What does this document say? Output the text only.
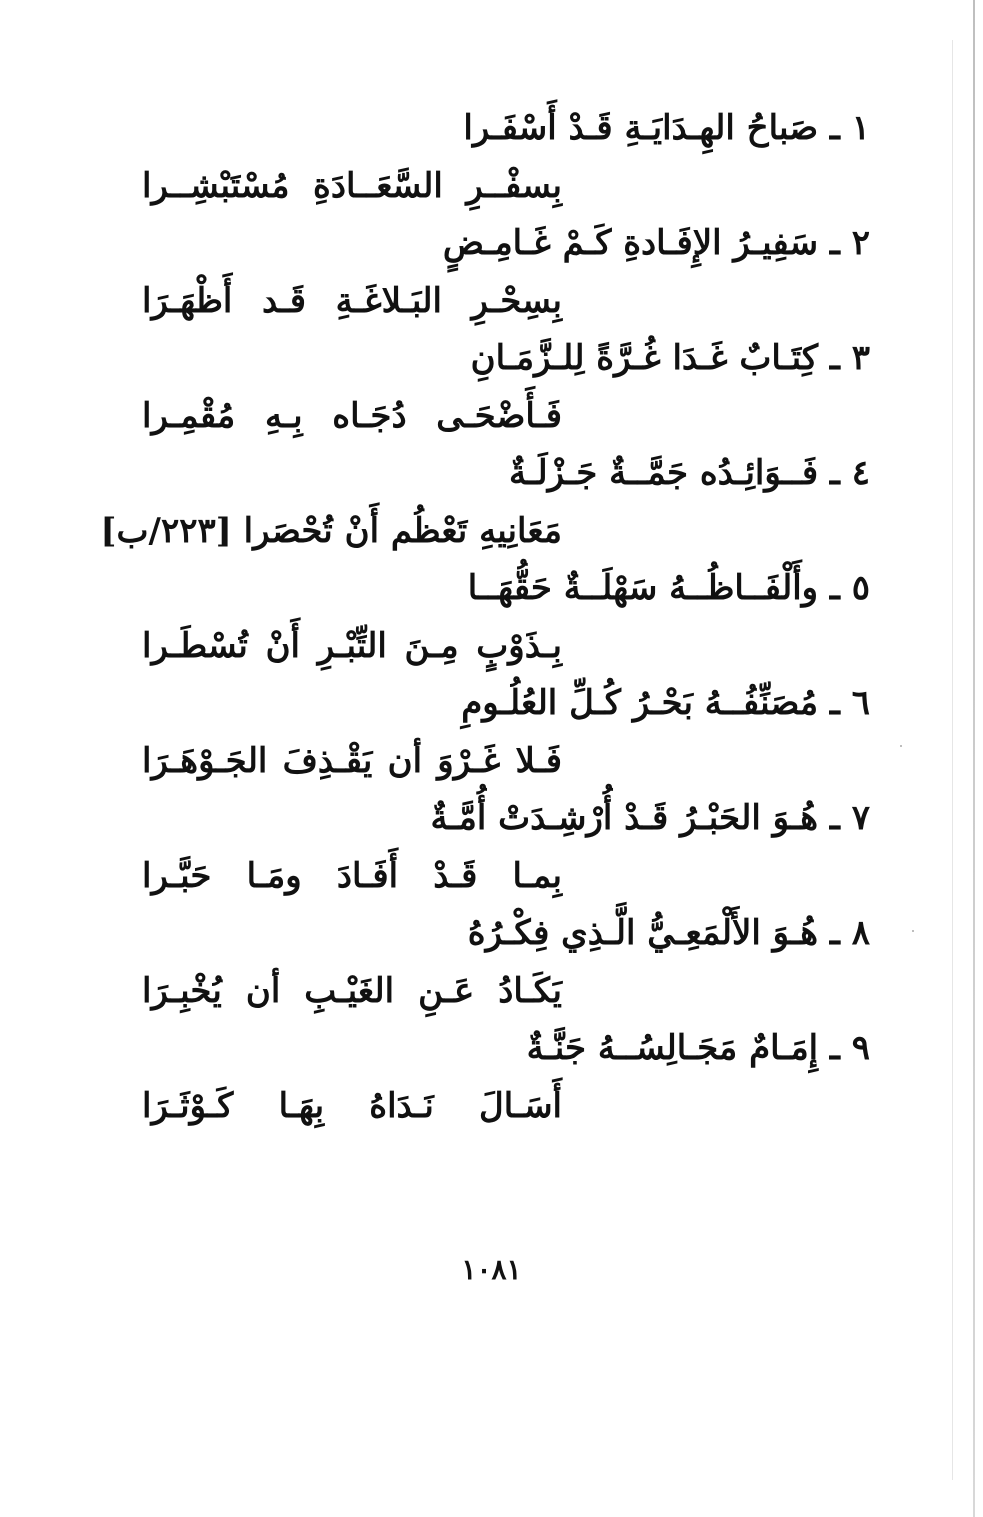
١ ـ صَباحُ الهِـدَايَـةِ قَـدْ أَسْفَـرا
بِسفْــرِ السَّعَــادَةِ مُسْتَبْشِــرا
٢ ـ سَفِيـرُ الإِفَـادةِ كَـمْ غَـامِـضٍ
بِسِحْـرِ البَـلاغَـةِ قَـد أَظْهَـرَا
٣ ـ كِتَـابٌ غَـدَا غُـرَّةً لِلـزَّمَـانِ
فَـأَضْحَـى دُجَـاه بِـهِ مُقْمِـرا
٤ ـ فَــوَائِـدُه جَمَّــةٌ جَـزْلَـةٌ
مَعَانِيهِ تَعْظُم أَنْ تُحْصَرا [٢٢٣/ب]
٥ ـ وأَلْفَــاظُــهُ سَهْلَــةٌ حَقُّهَــا
بِـذَوْبٍ مِـنَ التِّبْـرِ أَنْ تُسْطَـرا
٦ ـ مُصَنِّفُــهُ بَحْـرُ كُـلِّ العُلُـومِ
فَـلا غَـرْوَ أن يَقْـذِفَ الجَـوْهَـرَا
٧ ـ هُـوَ الحَبْـرُ قَـدْ أُرْشِـدَتْ أُمَّـةٌ
بِمـا قَـدْ أَفَـادَ ومَـا حَبَّـرا
٨ ـ هُـوَ الأَلْمَعِـيُّ الَّـذِي فِكْـرُهُ
يَكَـادُ عَـنِ الغَيْـبِ أن يُخْبِـرَا
٩ ـ إِمَـامٌ مَجَـالِسُــهُ جَنَّـةٌ
أَسَـالَ نَـدَاهُ بِهَـا كَـوْثَـرَا
١٠٨١
